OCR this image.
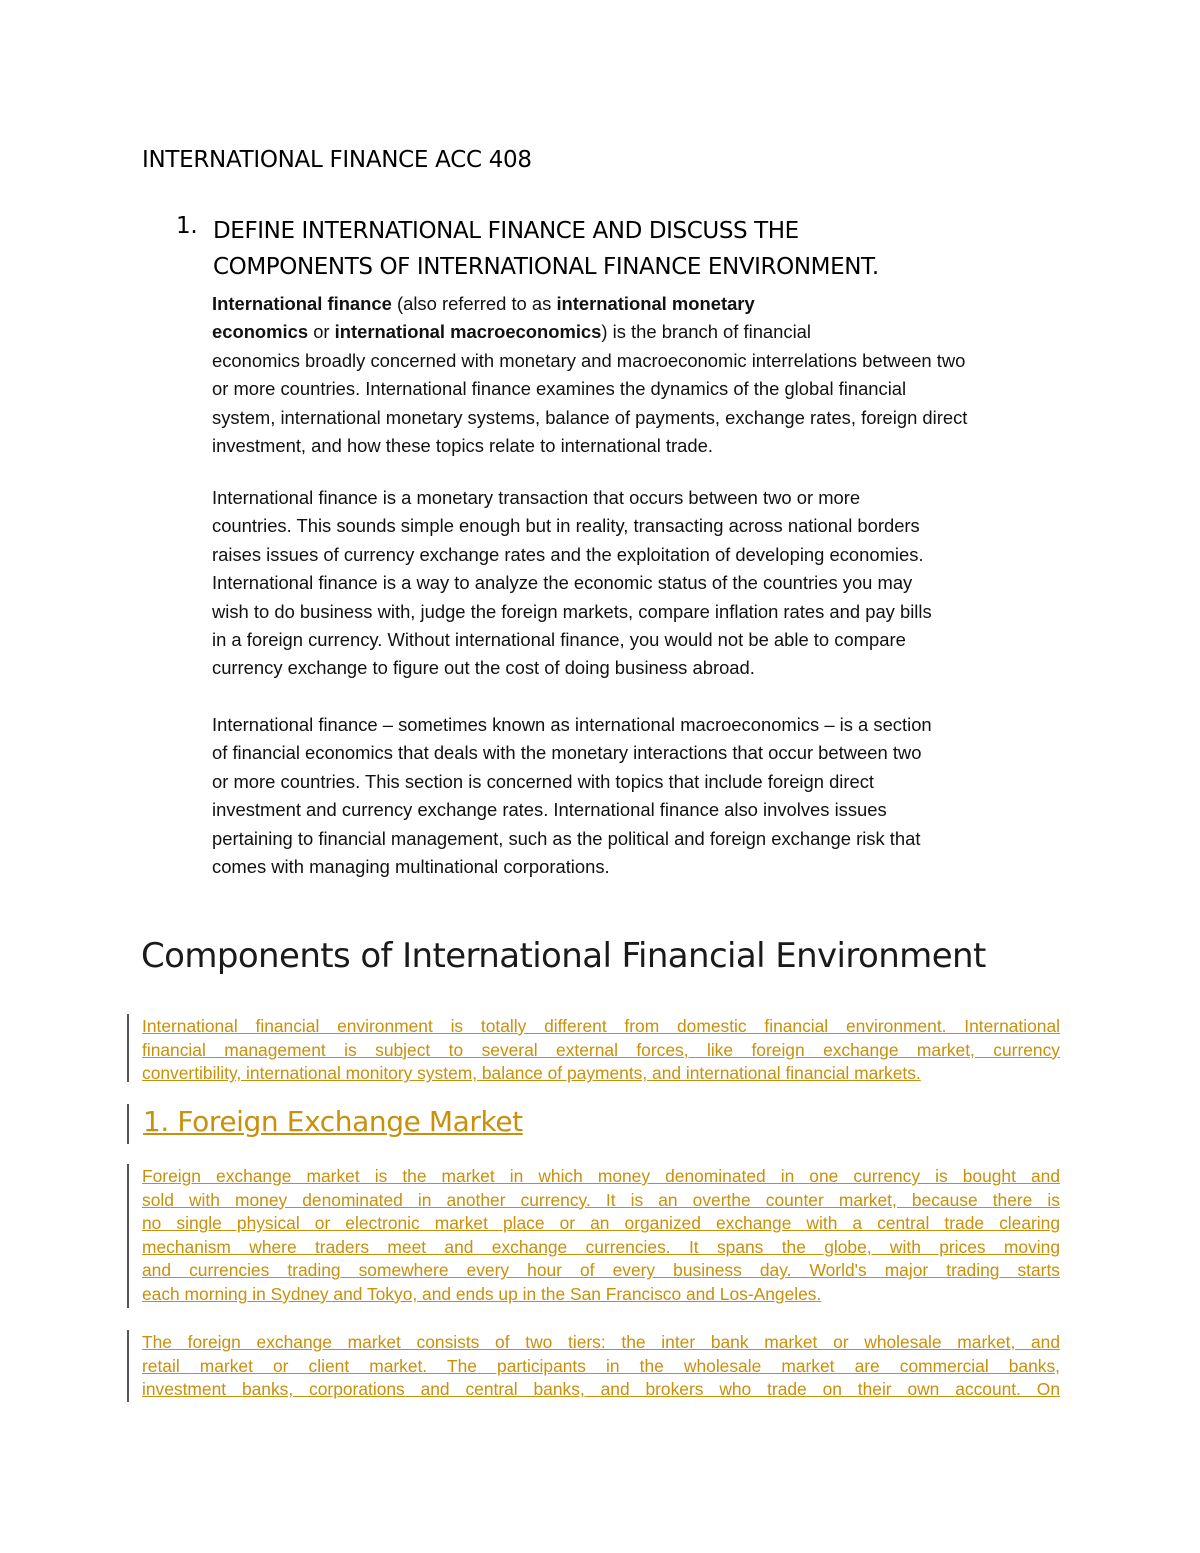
INTERNATIONAL FINANCE ACC 408
1. DEFINE INTERNATIONAL FINANCE AND DISCUSS THE
COMPONENTS OF INTERNATIONAL FINANCE ENVIRONMENT.
International finance (also referred to as international monetary
economics or international macroeconomics) is the branch of financial
economics broadly concerned with monetary and macroeconomic interrelations between two
or more countries. International finance examines the dynamics of the global financial
system, international monetary systems, balance of payments, exchange rates, foreign direct
investment, and how these topics relate to international trade.
International finance is a monetary transaction that occurs between two or more
countries. This sounds simple enough but in reality, transacting across national borders
raises issues of currency exchange rates and the exploitation of developing economies.
International finance is a way to analyze the economic status of the countries you may
wish to do business with, judge the foreign markets, compare inflation rates and pay bills
in a foreign currency. Without international finance, you would not be able to compare
currency exchange to figure out the cost of doing business abroad.
International finance – sometimes known as international macroeconomics – is a section
of financial economics that deals with the monetary interactions that occur between two
or more countries. This section is concerned with topics that include foreign direct
investment and currency exchange rates. International finance also involves issues
pertaining to financial management, such as the political and foreign exchange risk that
comes with managing multinational corporations.
Components of International Financial Environment
International financial environment is totally different from domestic financial environment. International
financial management is subject to several external forces, like foreign exchange market, currency
convertibility, international monitory system, balance of payments, and international financial markets.
1. Foreign Exchange Market
Foreign exchange market is the market in which money denominated in one currency is bought and
sold with money denominated in another currency. It is an overthe counter market, because there is
no single physical or electronic market place or an organized exchange with a central trade clearing
mechanism where traders meet and exchange currencies. It spans the globe, with prices moving
and currencies trading somewhere every hour of every business day. World's major trading starts
each morning in Sydney and Tokyo, and ends up in the San Francisco and Los-Angeles.
The foreign exchange market consists of two tiers: the inter bank market or wholesale market, and
retail market or client market. The participants in the wholesale market are commercial banks,
investment banks, corporations and central banks, and brokers who trade on their own account. On
